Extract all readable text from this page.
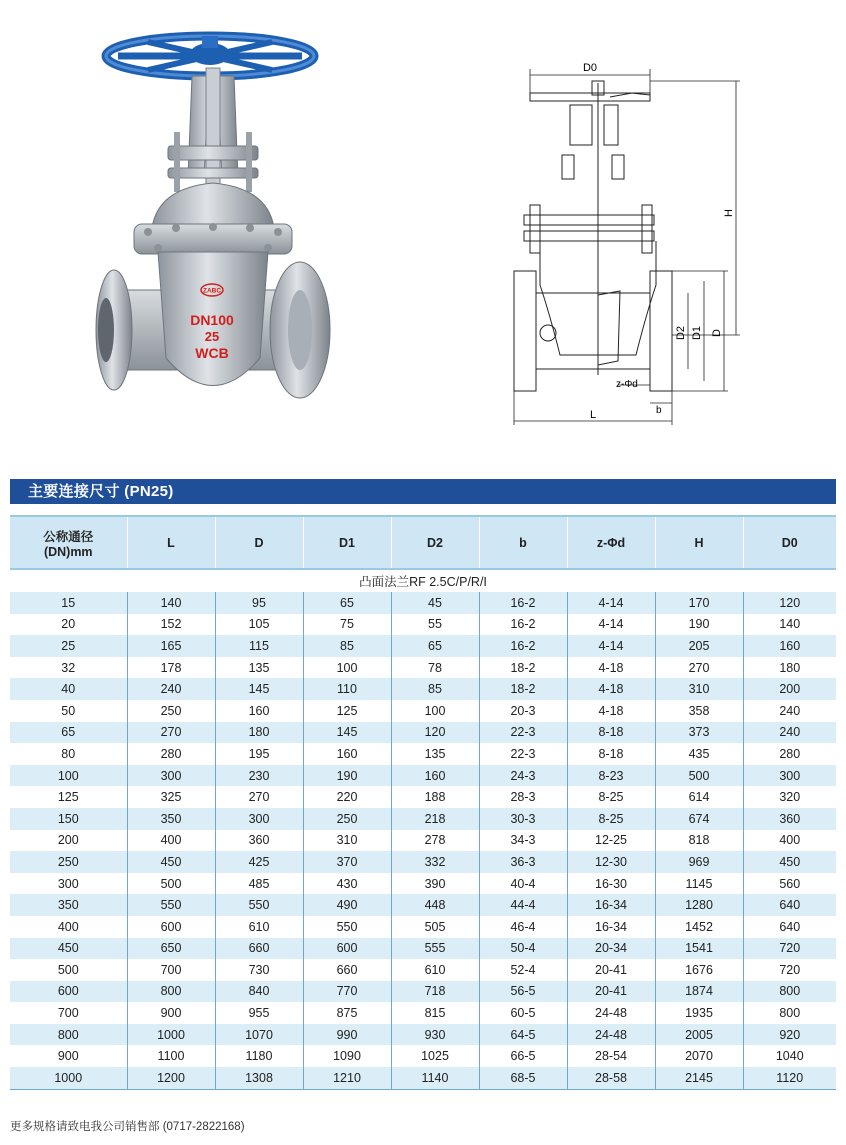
ZABC
DN100
25
WCB
D0
H
D2 D1 D
z-Φd
b
L
主要连接尺寸 (PN25)
公称通径
(DN)mm	L	D	D1	D2	b	z-Φd	H	D0
凸面法兰RF 2.5C/P/R/I								
15	140	95	65	45	16-2	4-14	170	120
20	152	105	75	55	16-2	4-14	190	140
25	165	115	85	65	16-2	4-14	205	160
32	178	135	100	78	18-2	4-18	270	180
40	240	145	110	85	18-2	4-18	310	200
50	250	160	125	100	20-3	4-18	358	240
65	270	180	145	120	22-3	8-18	373	240
80	280	195	160	135	22-3	8-18	435	280
100	300	230	190	160	24-3	8-23	500	300
125	325	270	220	188	28-3	8-25	614	320
150	350	300	250	218	30-3	8-25	674	360
200	400	360	310	278	34-3	12-25	818	400
250	450	425	370	332	36-3	12-30	969	450
300	500	485	430	390	40-4	16-30	1145	560
350	550	550	490	448	44-4	16-34	1280	640
400	600	610	550	505	46-4	16-34	1452	640
450	650	660	600	555	50-4	20-34	1541	720
500	700	730	660	610	52-4	20-41	1676	720
600	800	840	770	718	56-5	20-41	1874	800
700	900	955	875	815	60-5	24-48	1935	800
800	1000	1070	990	930	64-5	24-48	2005	920
900	1100	1180	1090	1025	66-5	28-54	2070	1040
1000	1200	1308	1210	1140	68-5	28-58	2145	1120
更多规格请致电我公司销售部 (0717-2822168)
